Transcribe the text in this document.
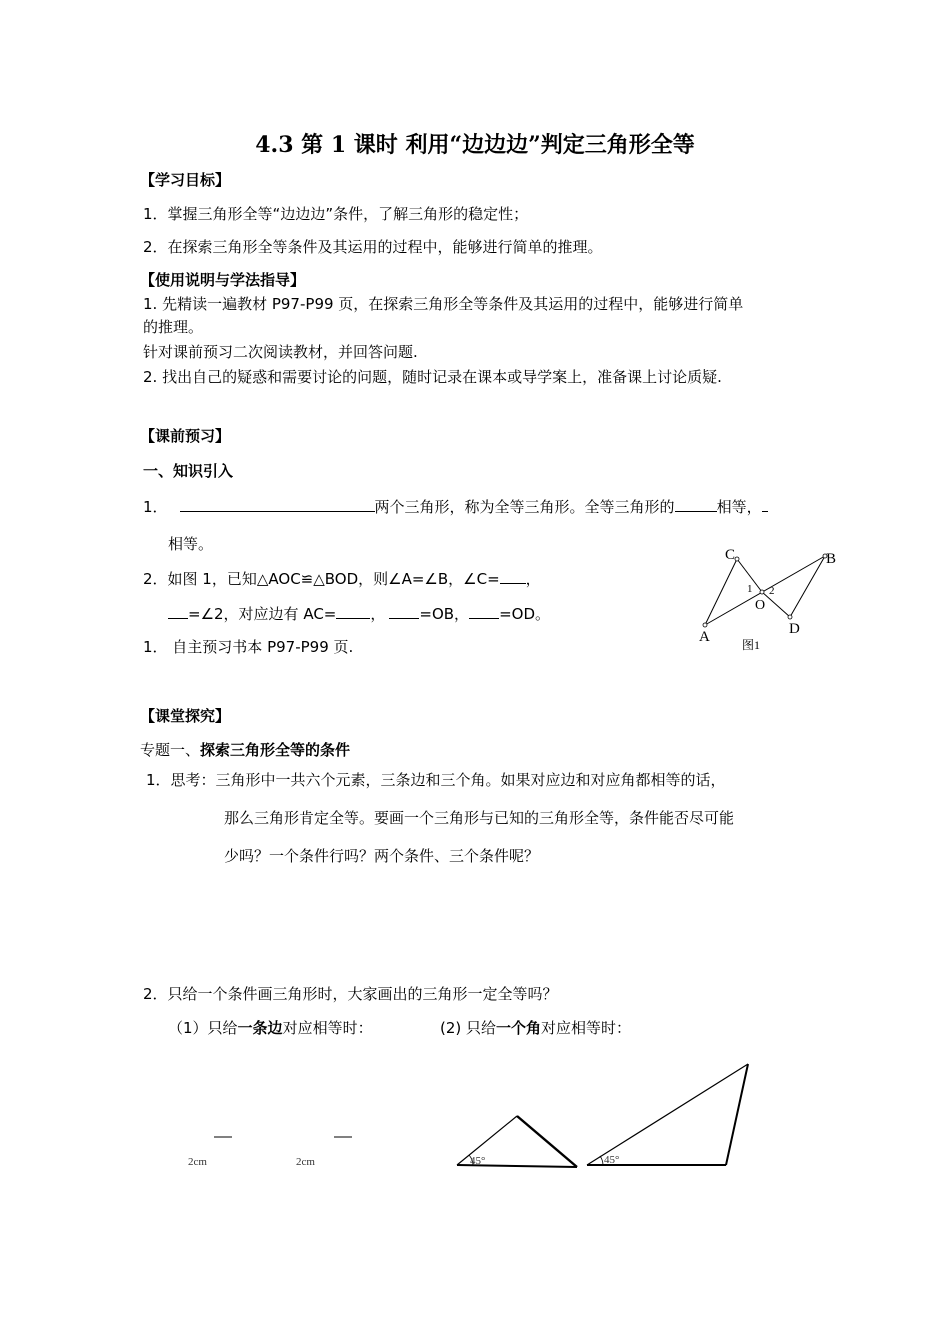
4.3 第 1 课时 利用“边边边”判定三角形全等
【学习目标】
1．掌握三角形全等“边边边”条件，了解三角形的稳定性；
2．在探索三角形全等条件及其运用的过程中，能够进行简单的推理。
【使用说明与学法指导】
1. 先精读一遍教材 P97-P99 页，在探索三角形全等条件及其运用的过程中，能够进行简单
的推理。
针对课前预习二次阅读教材，并回答问题.
2. 找出自己的疑惑和需要讨论的问题，随时记录在课本或导学案上，准备课上讨论质疑.
【课前预习】
一、知识引入
1．	两个三角形，称为全等三角形。全等三角形的	相等，
相等。
2．如图 1，已知△AOC≌△BOD，则∠A=∠B，∠C= ，
=∠2，对应边有 AC= ， =OB， =OD。
1． 自主预习书本 P97-P99 页.
C	B
A	D
O
1 2
图1
【课堂探究】
专题一、探索三角形全等的条件
1．思考：三角形中一共六个元素，三条边和三个角。如果对应边和对应角都相等的话，
那么三角形肯定全等。要画一个三角形与已知的三角形全等，条件能否尽可能
少吗？一个条件行吗？两个条件、三个条件呢？
2．只给一个条件画三角形时，大家画出的三角形一定全等吗？
（1）只给一条边对应相等时：	(2) 只给一个角对应相等时：
2cm	2cm	45°	45°
